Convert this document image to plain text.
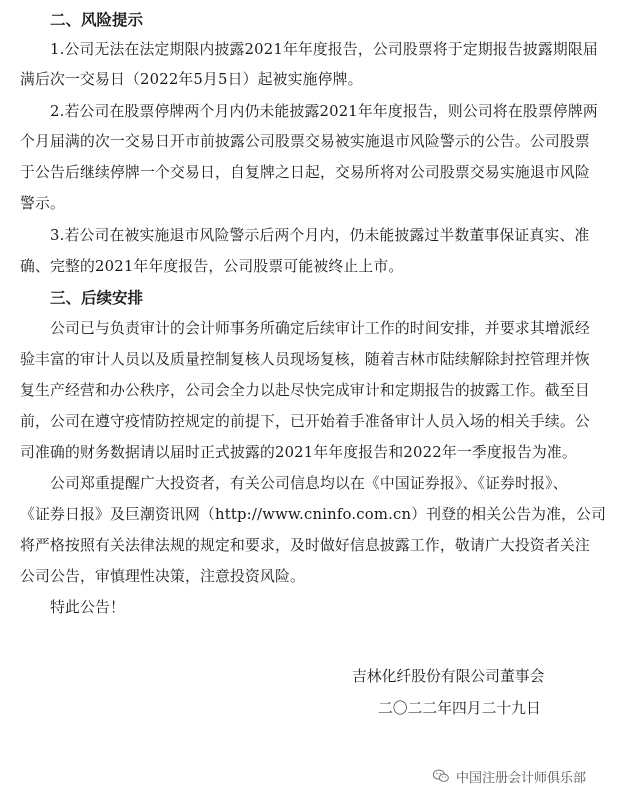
二、风险提示
1.公司无法在法定期限内披露2021年年度报告，公司股票将于定期报告披露期限届
满后次一交易日（2022年5月5日）起被实施停牌。
2.若公司在股票停牌两个月内仍未能披露2021年年度报告，则公司将在股票停牌两
个月届满的次一交易日开市前披露公司股票交易被实施退市风险警示的公告。公司股票
于公告后继续停牌一个交易日，自复牌之日起，交易所将对公司股票交易实施退市风险
警示。
3.若公司在被实施退市风险警示后两个月内，仍未能披露过半数董事保证真实、准
确、完整的2021年年度报告，公司股票可能被终止上市。
三、后续安排
公司已与负责审计的会计师事务所确定后续审计工作的时间安排，并要求其增派经
验丰富的审计人员以及质量控制复核人员现场复核，随着吉林市陆续解除封控管理并恢
复生产经营和办公秩序，公司会全力以赴尽快完成审计和定期报告的披露工作。截至目
前，公司在遵守疫情防控规定的前提下，已开始着手准备审计人员入场的相关手续。公
司准确的财务数据请以届时正式披露的2021年年度报告和2022年一季度报告为准。
公司郑重提醒广大投资者，有关公司信息均以在《中国证券报》、《证券时报》、
《证券日报》及巨潮资讯网（http://www.cninfo.com.cn）刊登的相关公告为准，公司
将严格按照有关法律法规的规定和要求，及时做好信息披露工作，敬请广大投资者关注
公司公告，审慎理性决策，注意投资风险。
特此公告！
吉林化纤股份有限公司董事会
二〇二二年四月二十九日
中国注册会计师俱乐部
